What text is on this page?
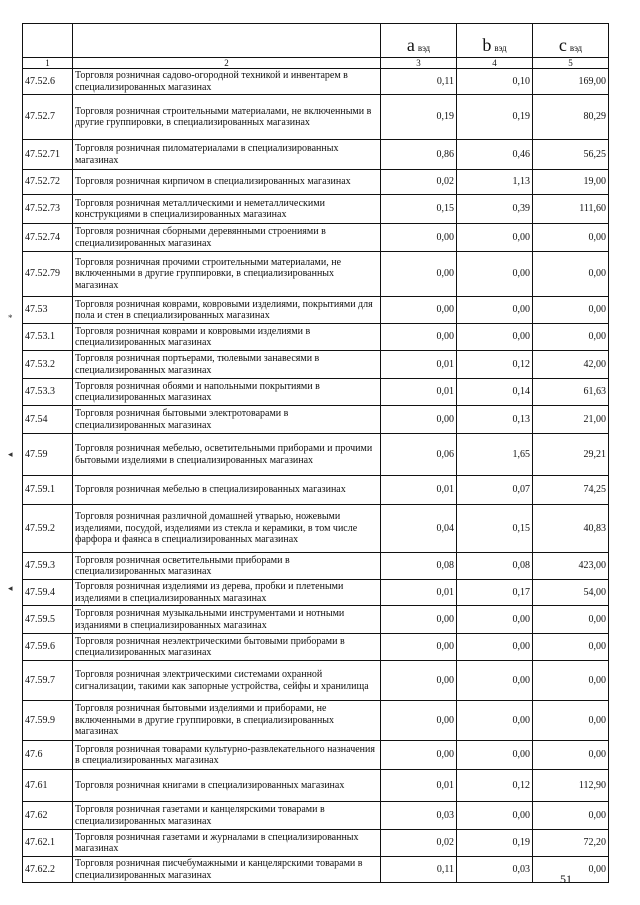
		a вэд	b вэд	c вэд
1	2	3	4	5
47.52.6	Торговля розничная садово-огородной техникой и инвентарем в специализированных магазинах	0,11	0,10	169,00
47.52.7	Торговля розничная строительными материалами, не включенными в другие группировки, в специализированных магазинах	0,19	0,19	80,29
47.52.71	Торговля розничная пиломатериалами в специализированных магазинах	0,86	0,46	56,25
47.52.72	Торговля розничная кирпичом в специализированных магазинах	0,02	1,13	19,00
47.52.73	Торговля розничная металлическими и неметаллическими конструкциями в специализированных магазинах	0,15	0,39	111,60
47.52.74	Торговля розничная сборными деревянными строениями в специализированных магазинах	0,00	0,00	0,00
47.52.79	Торговля розничная прочими строительными материалами, не включенными в другие группировки, в специализированных магазинах	0,00	0,00	0,00
47.53	Торговля розничная коврами, ковровыми изделиями, покрытиями для пола и стен в специализированных магазинах	0,00	0,00	0,00
47.53.1	Торговля розничная коврами и ковровыми изделиями в специализированных магазинах	0,00	0,00	0,00
47.53.2	Торговля розничная портьерами, тюлевыми занавесями в специализированных магазинах	0,01	0,12	42,00
47.53.3	Торговля розничная обоями и напольными покрытиями в специализированных магазинах	0,01	0,14	61,63
47.54	Торговля розничная бытовыми электротоварами в специализированных магазинах	0,00	0,13	21,00
47.59	Торговля розничная мебелью, осветительными приборами и прочими бытовыми изделиями в специализированных магазинах	0,06	1,65	29,21
47.59.1	Торговля розничная мебелью в специализированных магазинах	0,01	0,07	74,25
47.59.2	Торговля розничная различной домашней утварью, ножевыми изделиями, посудой, изделиями из стекла и керамики, в том числе фарфора и фаянса в специализированных магазинах	0,04	0,15	40,83
47.59.3	Торговля розничная осветительными приборами в специализированных магазинах	0,08	0,08	423,00
47.59.4	Торговля розничная изделиями из дерева, пробки и плетеными изделиями в специализированных магазинах	0,01	0,17	54,00
47.59.5	Торговля розничная музыкальными инструментами и нотными изданиями в специализированных магазинах	0,00	0,00	0,00
47.59.6	Торговля розничная неэлектрическими бытовыми приборами в специализированных магазинах	0,00	0,00	0,00
47.59.7	Торговля розничная электрическими системами охранной сигнализации, такими как запорные устройства, сейфы и хранилища	0,00	0,00	0,00
47.59.9	Торговля розничная бытовыми изделиями и приборами, не включенными в другие группировки, в специализированных магазинах	0,00	0,00	0,00
47.6	Торговля розничная товарами культурно-развлекательного назначения в специализированных магазинах	0,00	0,00	0,00
47.61	Торговля розничная книгами в специализированных магазинах	0,01	0,12	112,90
47.62	Торговля розничная газетами и канцелярскими товарами в специализированных магазинах	0,03	0,00	0,00
47.62.1	Торговля розничная газетами и журналами в специализированных магазинах	0,02	0,19	72,20
47.62.2	Торговля розничная писчебумажными и канцелярскими товарами в специализированных магазинах	0,11	0,03	0,00
51
*
◂
◂
